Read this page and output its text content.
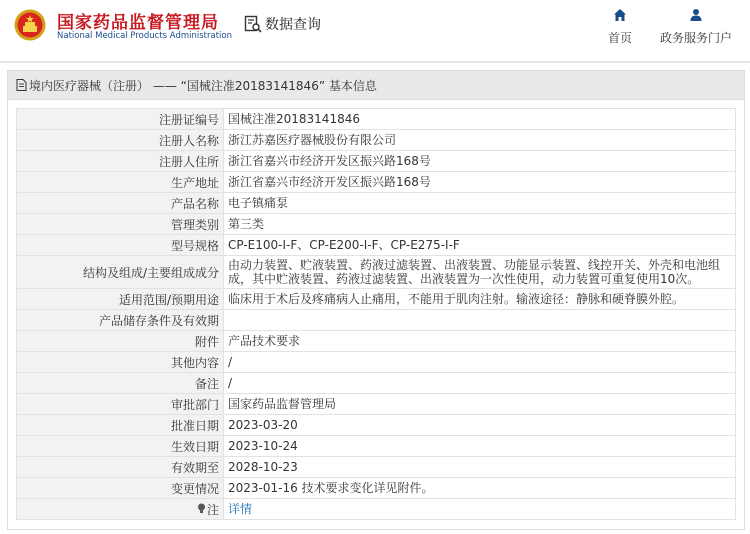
国家药品监督管理局
National Medical Products Administration
数据查询
首页	政务服务门户
境内医疗器械（注册） —— “国械注准20183141846” 基本信息
注册证编号	国械注准20183141846
注册人名称	浙江苏嘉医疗器械股份有限公司
注册人住所	浙江省嘉兴市经济开发区振兴路168号
生产地址	浙江省嘉兴市经济开发区振兴路168号
产品名称	电子镇痛泵
管理类别	第三类
型号规格	CP-E100-Ⅰ-F、CP-E200-Ⅰ-F、CP-E275-Ⅰ-F
结构及组成/主要组成成分	由动力装置、贮液装置、药液过滤装置、出液装置、功能显示装置、线控开关、外壳和电池组成，其中贮液装置、药液过滤装置、出液装置为一次性使用，动力装置可重复使用10次。
适用范围/预期用途	临床用于术后及疼痛病人止痛用，不能用于肌肉注射。输液途径：静脉和硬脊膜外腔。
产品储存条件及有效期	
附件	产品技术要求
其他内容	/
备注	/
审批部门	国家药品监督管理局
批准日期	2023-03-20
生效日期	2023-10-24
有效期至	2028-10-23
变更情况	2023-01-16 技术要求变化详见附件。
注	详情
